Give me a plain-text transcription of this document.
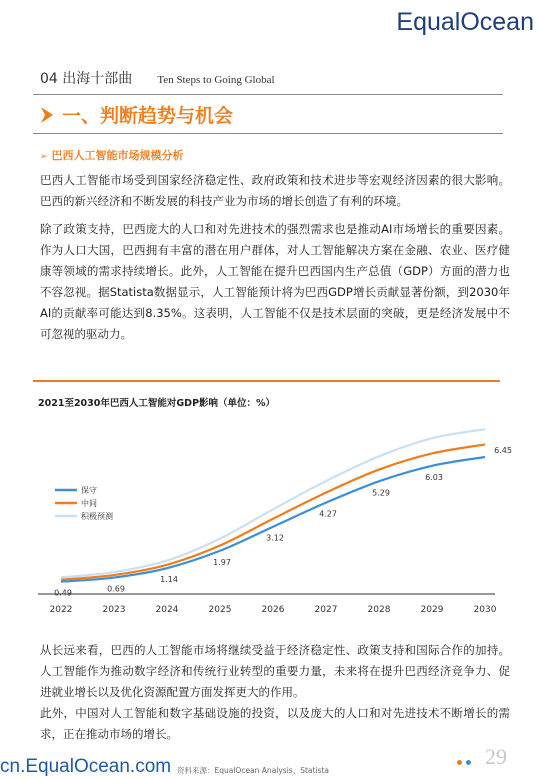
EqualOcean
04 出海十部曲 Ten Steps to Going Global
一、判断趋势与机会
➢ 巴西人工智能市场规模分析
巴西人工智能市场受到国家经济稳定性、政府政策和技术进步等宏观经济因素的很大影响。巴西的新兴经济和不断发展的科技产业为市场的增长创造了有利的环境。
除了政策支持，巴西庞大的人口和对先进技术的强烈需求也是推动AI市场增长的重要因素。作为人口大国，巴西拥有丰富的潜在用户群体，对人工智能解决方案在金融、农业、医疗健康等领域的需求持续增长。此外，人工智能在提升巴西国内生产总值（GDP）方面的潜力也不容忽视。据Statista数据显示，人工智能预计将为巴西GDP增长贡献显著份额，到2030年AI的贡献率可能达到8.35%。这表明，人工智能不仅是技术层面的突破，更是经济发展中不可忽视的驱动力。
2021至2030年巴西人工智能对GDP影响（单位：%）
2022	2023	2024	2025	2026	2027	2028	2029	2030
0.49	0.69
1.14
1.97
3.12
4.27
5.29
6.03
6.45
保守
中间
积极预测
从长远来看，巴西的人工智能市场将继续受益于经济稳定性、政策支持和国际合作的加持。人工智能作为推动数字经济和传统行业转型的重要力量，未来将在提升巴西经济竞争力、促进就业增长以及优化资源配置方面发挥更大的作用。
此外，中国对人工智能和数字基础设施的投资，以及庞大的人口和对先进技术不断增长的需求，正在推动市场的增长。
cn.EqualOcean.com 资料来源：EqualOcean Analysis、Statista
29
